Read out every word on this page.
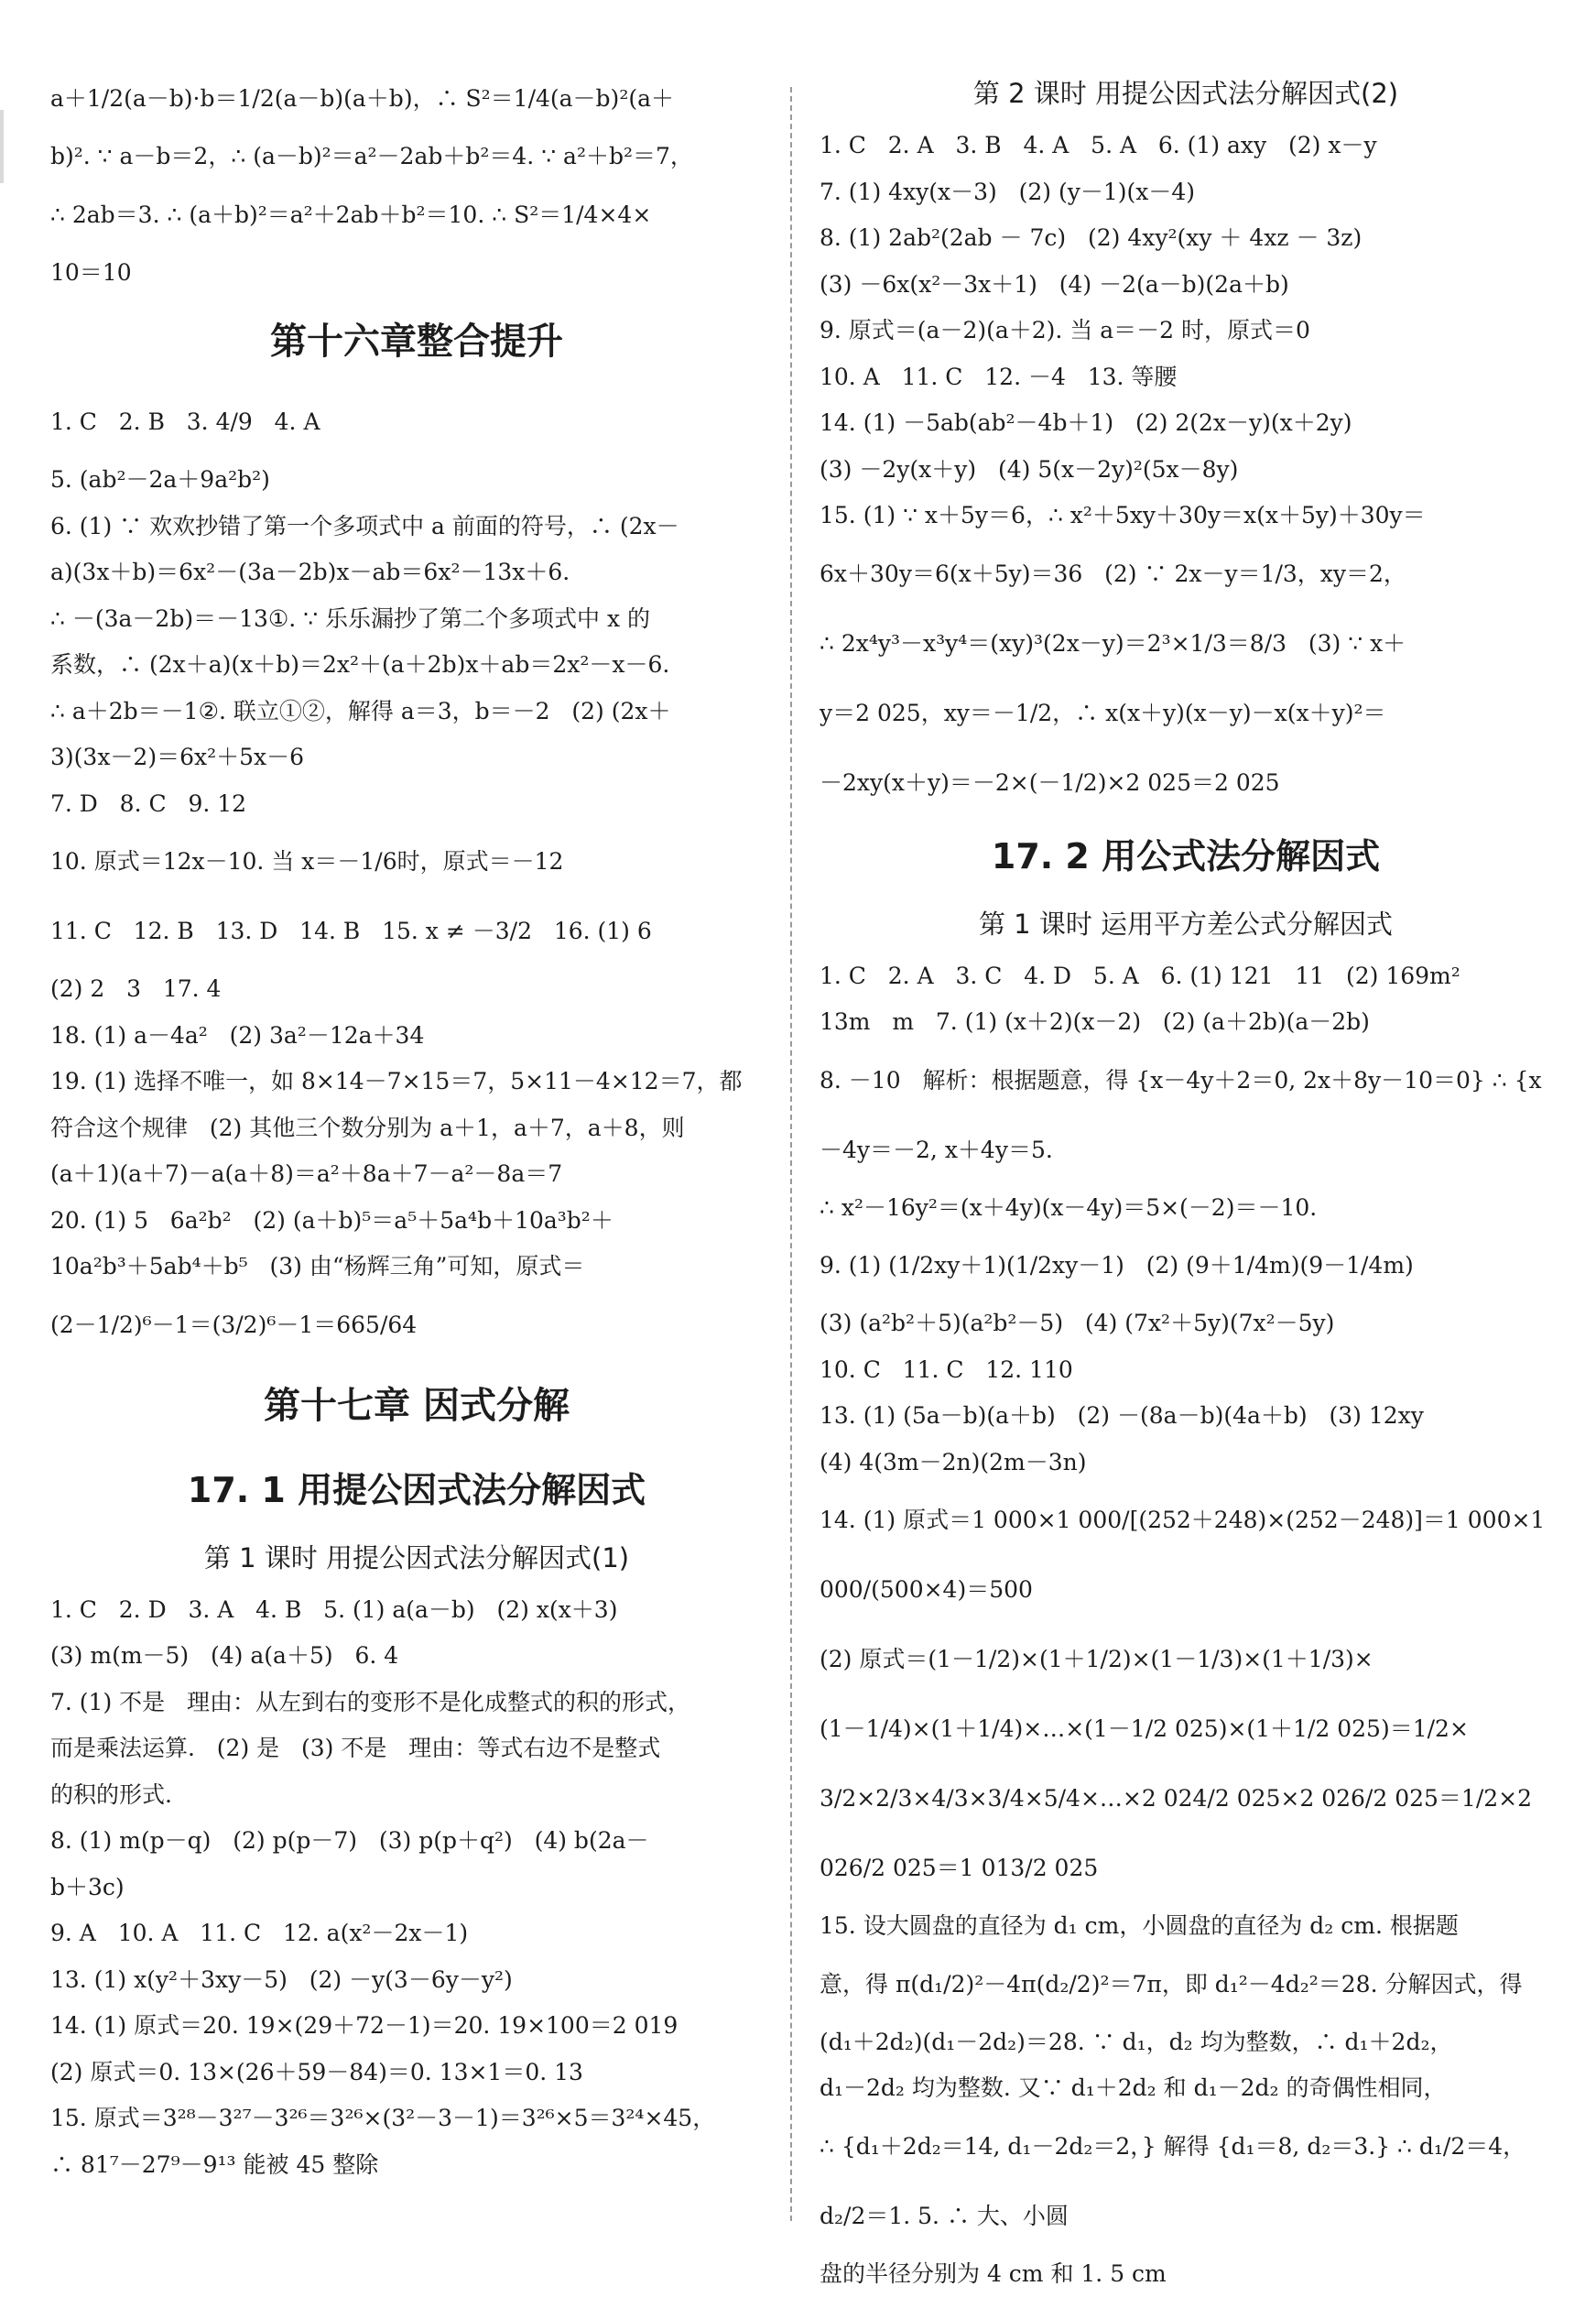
a＋1/2(a－b)·b＝1/2(a－b)(a＋b)，∴ S²＝1/4(a－b)²(a＋
b)². ∵ a－b＝2，∴ (a－b)²＝a²－2ab＋b²＝4. ∵ a²＋b²＝7，
∴ 2ab＝3. ∴ (a＋b)²＝a²＋2ab＋b²＝10. ∴ S²＝1/4×4×
10＝10
第十六章整合提升
1. C   2. B   3. 4/9   4. A
5. (ab²－2a＋9a²b²)
6. (1) ∵ 欢欢抄错了第一个多项式中 a 前面的符号，∴ (2x－
a)(3x＋b)＝6x²－(3a－2b)x－ab＝6x²－13x＋6.
∴ －(3a－2b)＝－13①. ∵ 乐乐漏抄了第二个多项式中 x 的
系数，∴ (2x＋a)(x＋b)＝2x²＋(a＋2b)x＋ab＝2x²－x－6.
∴ a＋2b＝－1②. 联立①②，解得 a＝3，b＝－2   (2) (2x＋
3)(3x－2)＝6x²＋5x－6
7. D   8. C   9. 12
10. 原式＝12x－10. 当 x＝－1/6时，原式＝－12
11. C   12. B   13. D   14. B   15. x ≠ －3/2   16. (1) 6
(2) 2   3   17. 4
18. (1) a－4a²   (2) 3a²－12a＋34
19. (1) 选择不唯一，如 8×14－7×15＝7，5×11－4×12＝7，都
符合这个规律   (2) 其他三个数分别为 a＋1，a＋7，a＋8，则
(a＋1)(a＋7)－a(a＋8)＝a²＋8a＋7－a²－8a＝7
20. (1) 5   6a²b²   (2) (a＋b)⁵＝a⁵＋5a⁴b＋10a³b²＋
10a²b³＋5ab⁴＋b⁵   (3) 由“杨辉三角”可知，原式＝
(2－1/2)⁶－1＝(3/2)⁶－1＝665/64
第十七章 因式分解
17. 1 用提公因式法分解因式
第 1 课时 用提公因式法分解因式(1)
1. C   2. D   3. A   4. B   5. (1) a(a－b)   (2) x(x＋3)
(3) m(m－5)   (4) a(a＋5)   6. 4
7. (1) 不是   理由：从左到右的变形不是化成整式的积的形式，
而是乘法运算.   (2) 是   (3) 不是   理由：等式右边不是整式
的积的形式.
8. (1) m(p－q)   (2) p(p－7)   (3) p(p＋q²)   (4) b(2a－
b＋3c)
9. A   10. A   11. C   12. a(x²－2x－1)
13. (1) x(y²＋3xy－5)   (2) －y(3－6y－y²)
14. (1) 原式＝20. 19×(29＋72－1)＝20. 19×100＝2 019
(2) 原式＝0. 13×(26＋59－84)＝0. 13×1＝0. 13
15. 原式＝3²⁸－3²⁷－3²⁶＝3²⁶×(3²－3－1)＝3²⁶×5＝3²⁴×45，
∴ 81⁷－27⁹－9¹³ 能被 45 整除
第 2 课时 用提公因式法分解因式(2)
1. C   2. A   3. B   4. A   5. A   6. (1) axy   (2) x－y
7. (1) 4xy(x－3)   (2) (y－1)(x－4)
8. (1) 2ab²(2ab － 7c)   (2) 4xy²(xy ＋ 4xz － 3z)
(3) －6x(x²－3x＋1)   (4) －2(a－b)(2a＋b)
9. 原式＝(a－2)(a＋2). 当 a＝－2 时，原式＝0
10. A   11. C   12. －4   13. 等腰
14. (1) －5ab(ab²－4b＋1)   (2) 2(2x－y)(x＋2y)
(3) －2y(x＋y)   (4) 5(x－2y)²(5x－8y)
15. (1) ∵ x＋5y＝6，∴ x²＋5xy＋30y＝x(x＋5y)＋30y＝
6x＋30y＝6(x＋5y)＝36   (2) ∵ 2x－y＝1/3，xy＝2，
∴ 2x⁴y³－x³y⁴＝(xy)³(2x－y)＝2³×1/3＝8/3   (3) ∵ x＋
y＝2 025，xy＝－1/2，∴ x(x＋y)(x－y)－x(x＋y)²＝
－2xy(x＋y)＝－2×(－1/2)×2 025＝2 025
17. 2 用公式法分解因式
第 1 课时 运用平方差公式分解因式
1. C   2. A   3. C   4. D   5. A   6. (1) 121   11   (2) 169m²
13m   m   7. (1) (x＋2)(x－2)   (2) (a＋2b)(a－2b)
8. －10   解析：根据题意，得 {x－4y＋2＝0, 2x＋8y－10＝0} ∴ {x－4y＝－2, x＋4y＝5.
∴ x²－16y²＝(x＋4y)(x－4y)＝5×(－2)＝－10.
9. (1) (1/2xy＋1)(1/2xy－1)   (2) (9＋1/4m)(9－1/4m)
(3) (a²b²＋5)(a²b²－5)   (4) (7x²＋5y)(7x²－5y)
10. C   11. C   12. 110
13. (1) (5a－b)(a＋b)   (2) －(8a－b)(4a＋b)   (3) 12xy
(4) 4(3m－2n)(2m－3n)
14. (1) 原式＝1 000×1 000/[(252＋248)×(252－248)]＝1 000×1 000/(500×4)＝500
(2) 原式＝(1－1/2)×(1＋1/2)×(1－1/3)×(1＋1/3)×
(1－1/4)×(1＋1/4)×…×(1－1/2 025)×(1＋1/2 025)＝1/2×
3/2×2/3×4/3×3/4×5/4×…×2 024/2 025×2 026/2 025＝1/2×2 026/2 025＝1 013/2 025
15. 设大圆盘的直径为 d₁ cm，小圆盘的直径为 d₂ cm. 根据题
意，得 π(d₁/2)²－4π(d₂/2)²＝7π，即 d₁²－4d₂²＝28. 分解因式，得
(d₁＋2d₂)(d₁－2d₂)＝28. ∵ d₁，d₂ 均为整数，∴ d₁＋2d₂，
d₁－2d₂ 均为整数. 又∵ d₁＋2d₂ 和 d₁－2d₂ 的奇偶性相同，
∴ {d₁＋2d₂＝14, d₁－2d₂＝2，} 解得 {d₁＝8, d₂＝3.} ∴ d₁/2＝4，d₂/2＝1. 5. ∴ 大、小圆
盘的半径分别为 4 cm 和 1. 5 cm
